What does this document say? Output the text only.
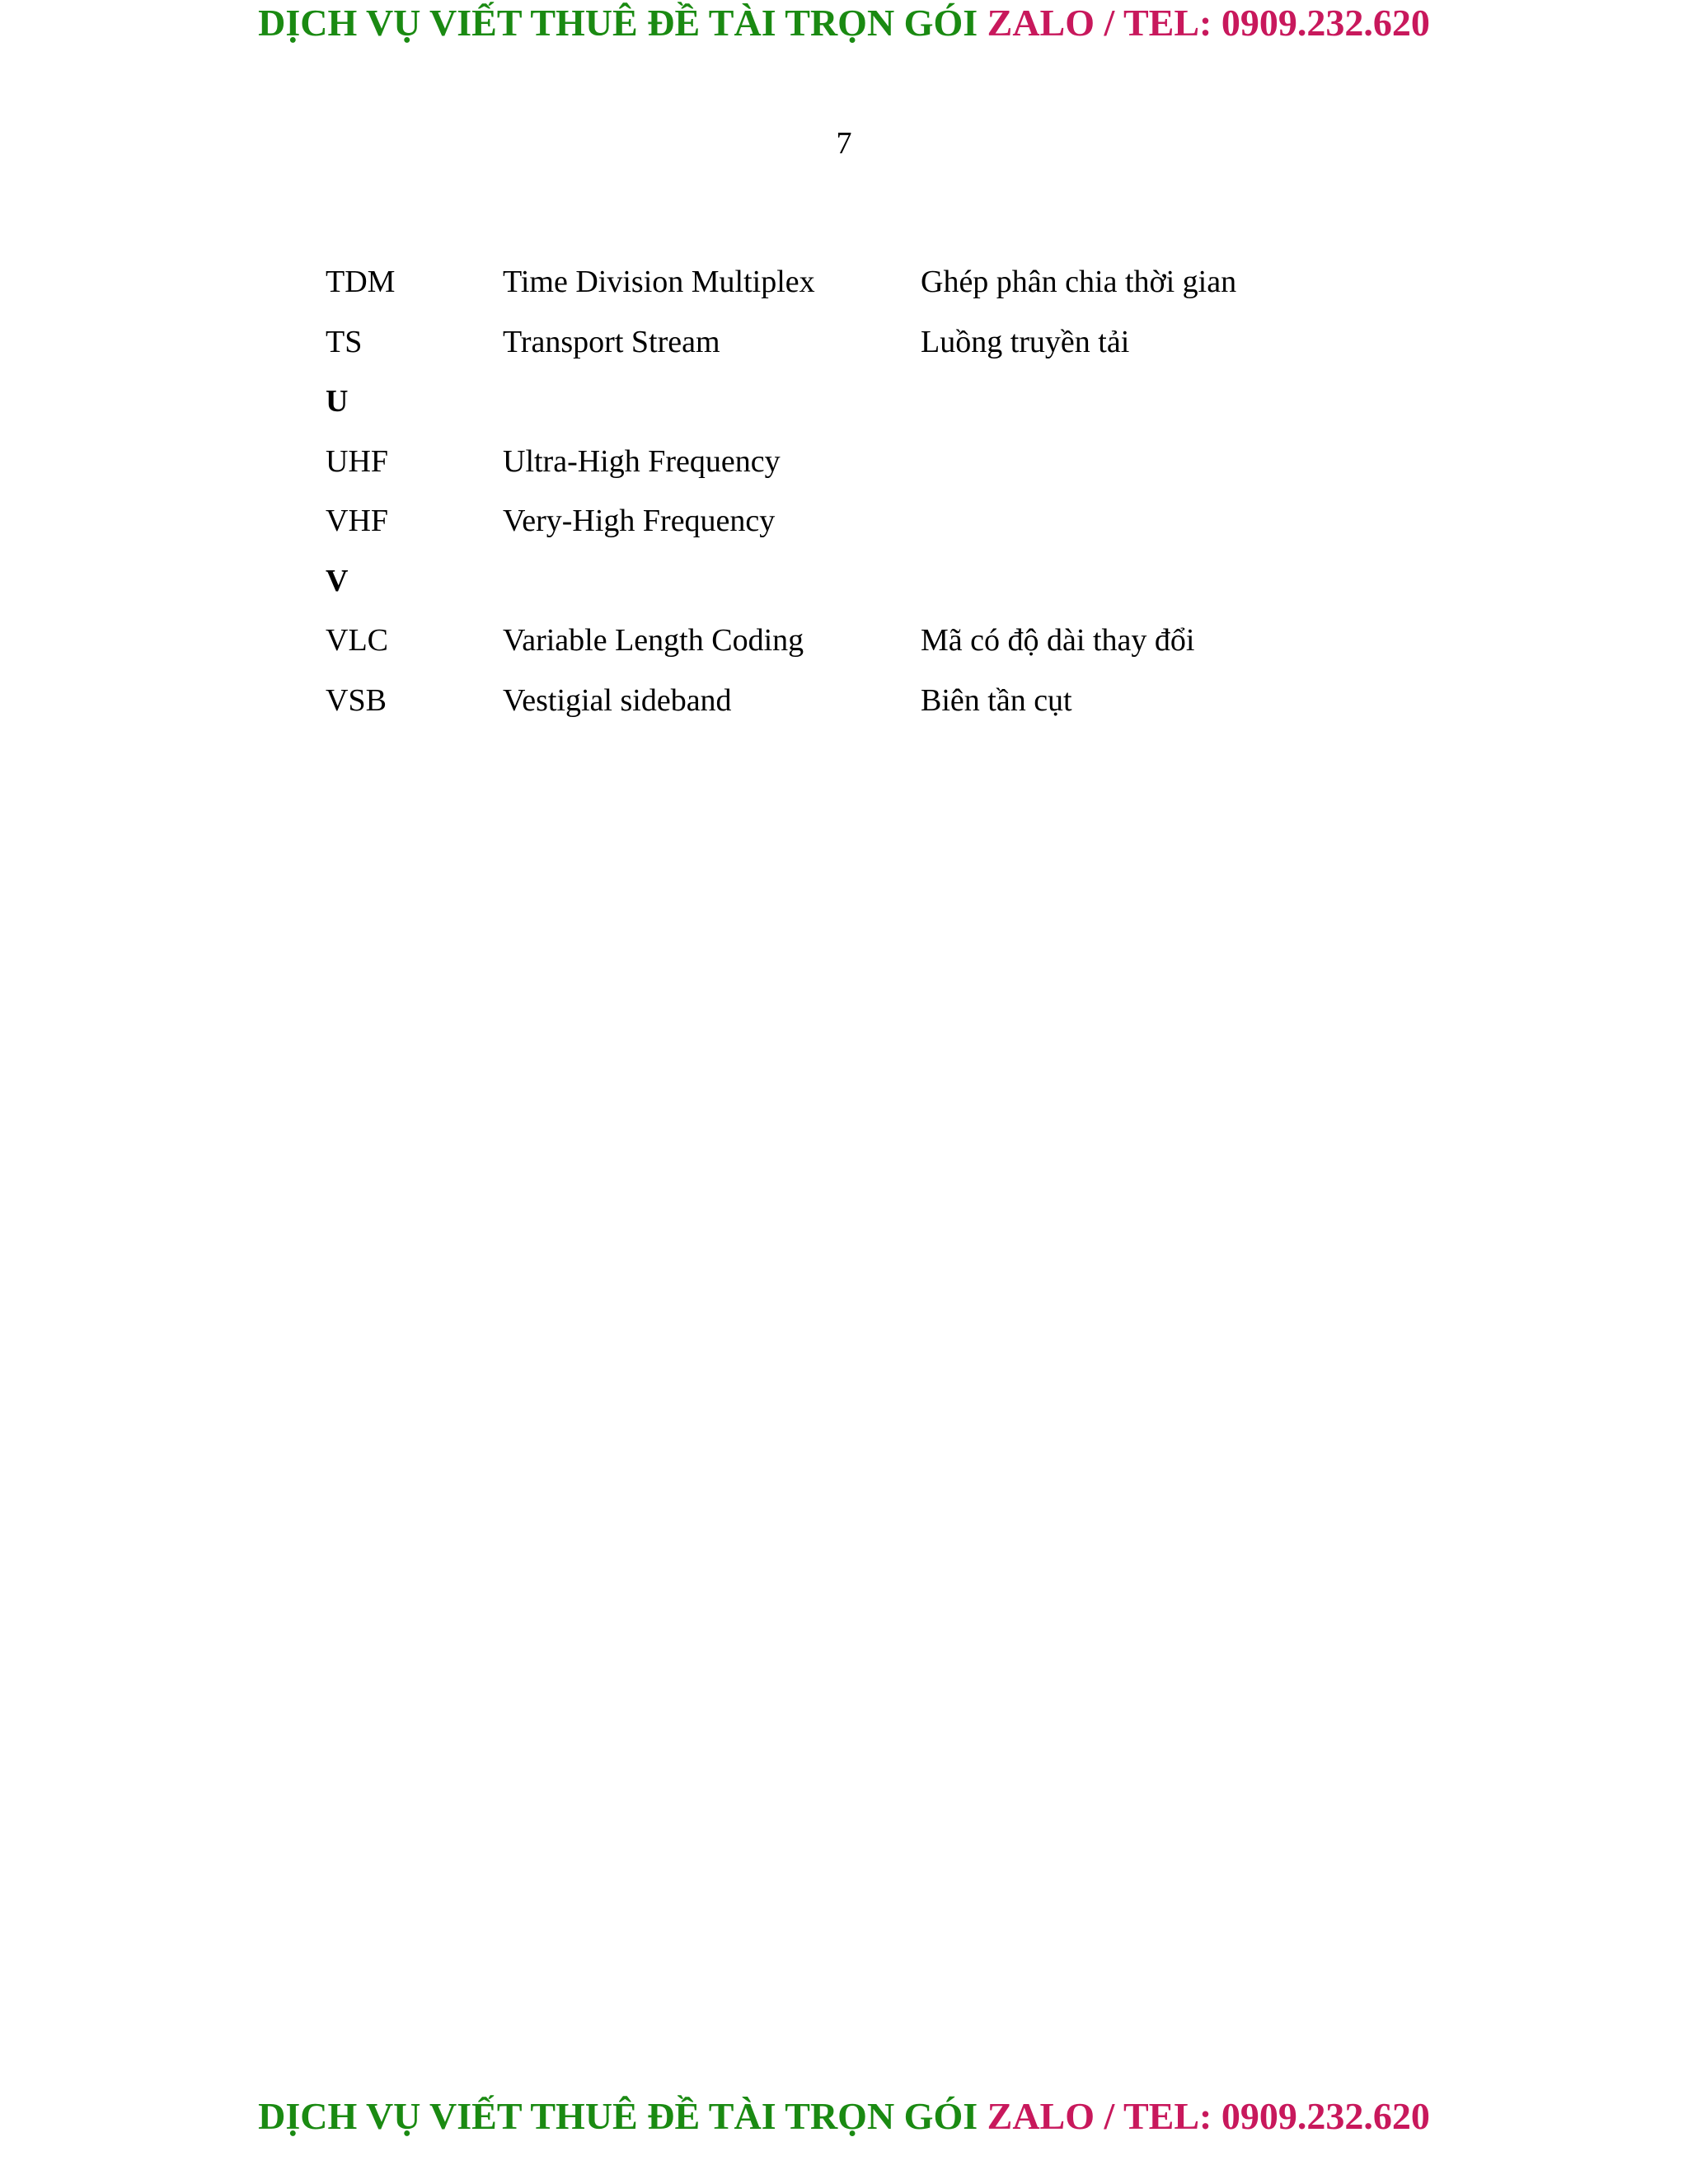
DỊCH VỤ VIẾT THUÊ ĐỀ TÀI TRỌN GÓI ZALO / TEL: 0909.232.620
7
TDM	Time Division Multiplex	Ghép phân chia thời gian
TS	Transport Stream	Luồng truyền tải
U
UHF	Ultra-High Frequency
VHF	Very-High Frequency
V
VLC	Variable Length Coding	Mã có độ dài thay đổi
VSB	Vestigial sideband	Biên tần cụt
DỊCH VỤ VIẾT THUÊ ĐỀ TÀI TRỌN GÓI ZALO / TEL: 0909.232.620
